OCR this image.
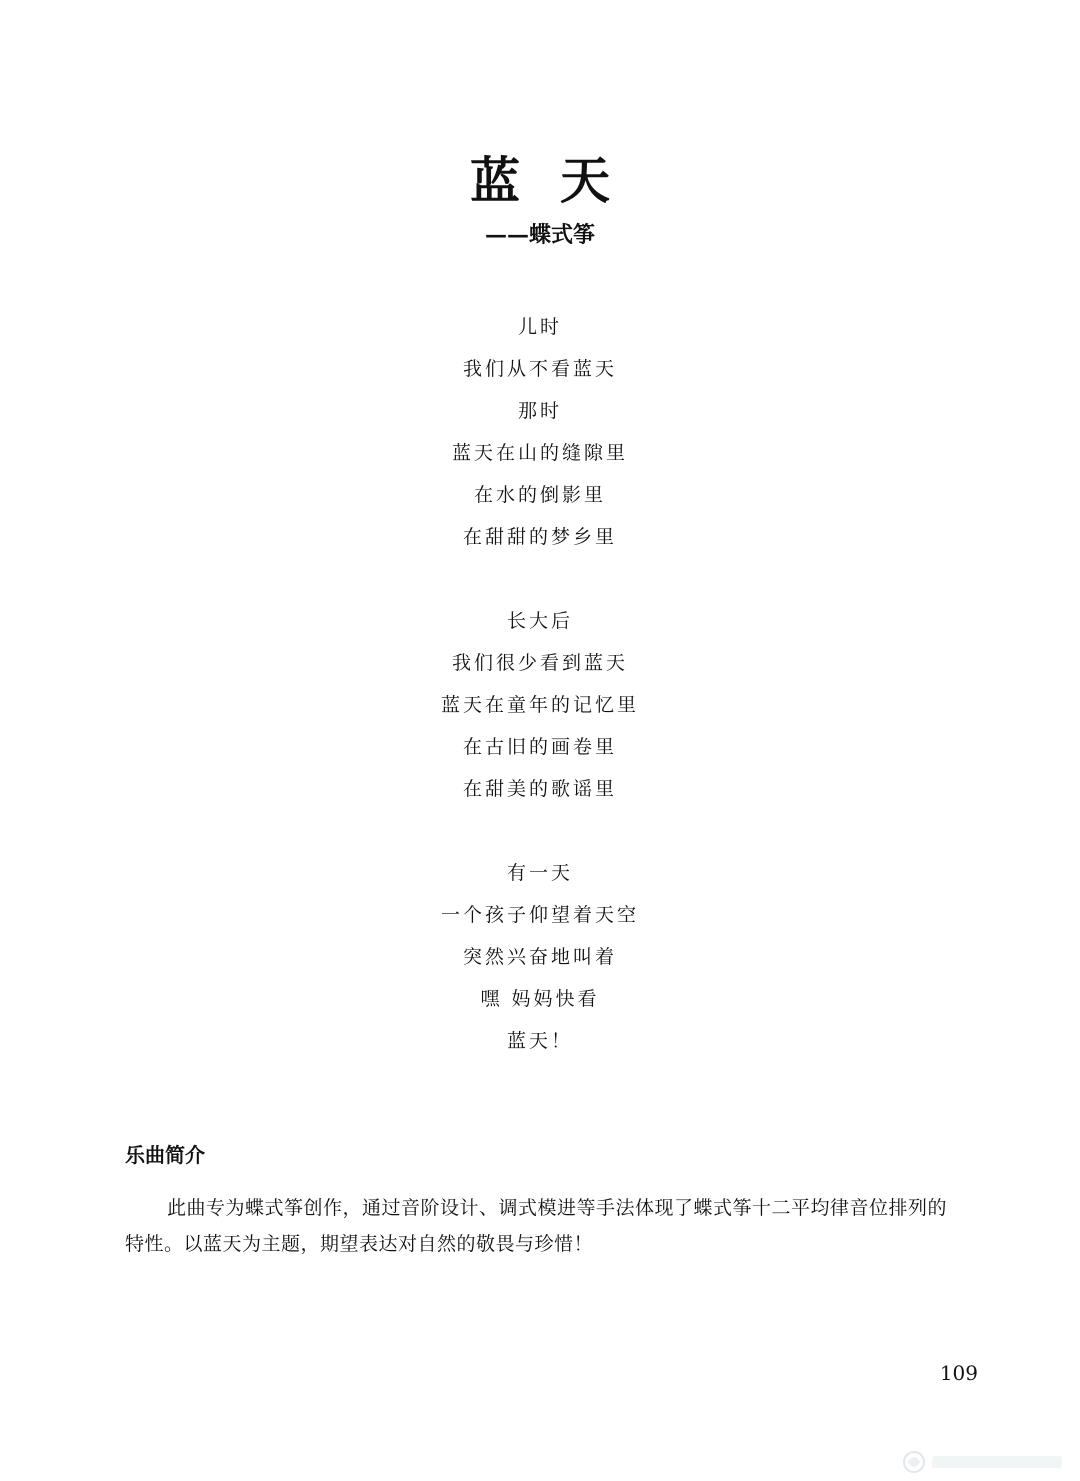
蓝天
——蝶式筝
儿时
我们从不看蓝天
那时
蓝天在山的缝隙里
在水的倒影里
在甜甜的梦乡里
长大后
我们很少看到蓝天
蓝天在童年的记忆里
在古旧的画卷里
在甜美的歌谣里
有一天
一个孩子仰望着天空
突然兴奋地叫着
嘿 妈妈快看
蓝天！
乐曲简介

此曲专为蝶式筝创作，通过音阶设计、调式模进等手法体现了蝶式筝十二平均律音位排列的特性。以蓝天为主题，期望表达对自然的敬畏与珍惜！

109
